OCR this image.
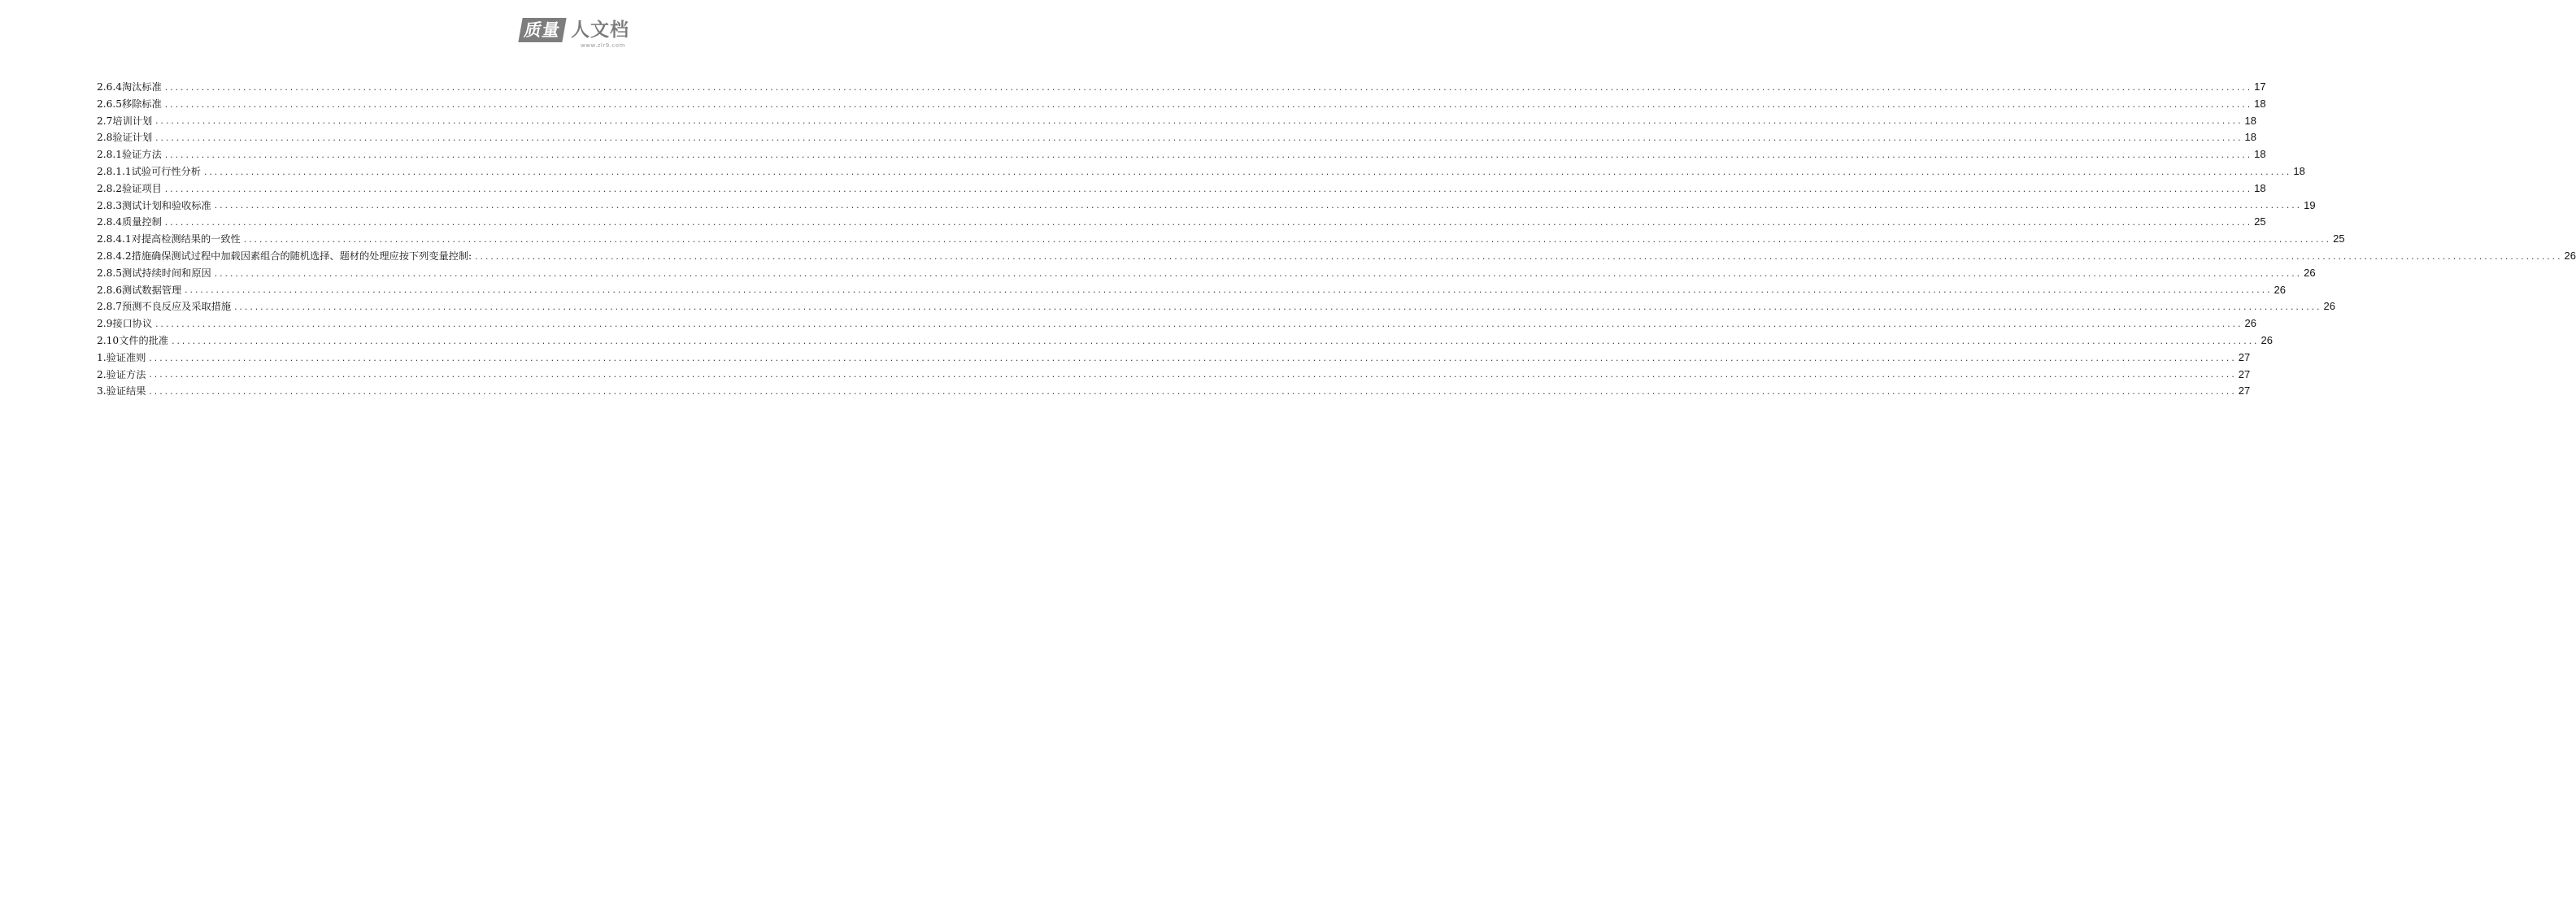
质量 人文档
www.zlr9.com
2.6.4淘汰标准 ................................................................................................................................................................................................................................................................................................................................................................................................................ 17
2.6.5移除标准 ................................................................................................................................................................................................................................................................................................................................................................................................................ 18
2.7培训计划 ................................................................................................................................................................................................................................................................................................................................................................................................................ 18
2.8验证计划 ................................................................................................................................................................................................................................................................................................................................................................................................................ 18
2.8.1验证方法 ................................................................................................................................................................................................................................................................................................................................................................................................................ 18
2.8.1.1试验可行性分析 ................................................................................................................................................................................................................................................................................................................................................................................................................ 18
2.8.2验证项目 ................................................................................................................................................................................................................................................................................................................................................................................................................ 18
2.8.3测试计划和验收标准 ................................................................................................................................................................................................................................................................................................................................................................................................................ 19
2.8.4质量控制 ................................................................................................................................................................................................................................................................................................................................................................................................................ 25
2.8.4.1对提高检测结果的一致性 ................................................................................................................................................................................................................................................................................................................................................................................................................ 25
2.8.4.2措施确保测试过程中加载因素组合的随机选择、题材的处理应按下列变量控制: ................................................................................................................................................................................................................................................................................................................................................................................................................ 26
2.8.5测试持续时间和原因 ................................................................................................................................................................................................................................................................................................................................................................................................................ 26
2.8.6测试数据管理 ................................................................................................................................................................................................................................................................................................................................................................................................................ 26
2.8.7预测不良反应及采取措施 ................................................................................................................................................................................................................................................................................................................................................................................................................ 26
2.9接口协议 ................................................................................................................................................................................................................................................................................................................................................................................................................ 26
2.10文件的批准 ................................................................................................................................................................................................................................................................................................................................................................................................................ 26
1.验证准则 ................................................................................................................................................................................................................................................................................................................................................................................................................ 27
2.验证方法 ................................................................................................................................................................................................................................................................................................................................................................................................................ 27
3.验证结果 ................................................................................................................................................................................................................................................................................................................................................................................................................ 27
